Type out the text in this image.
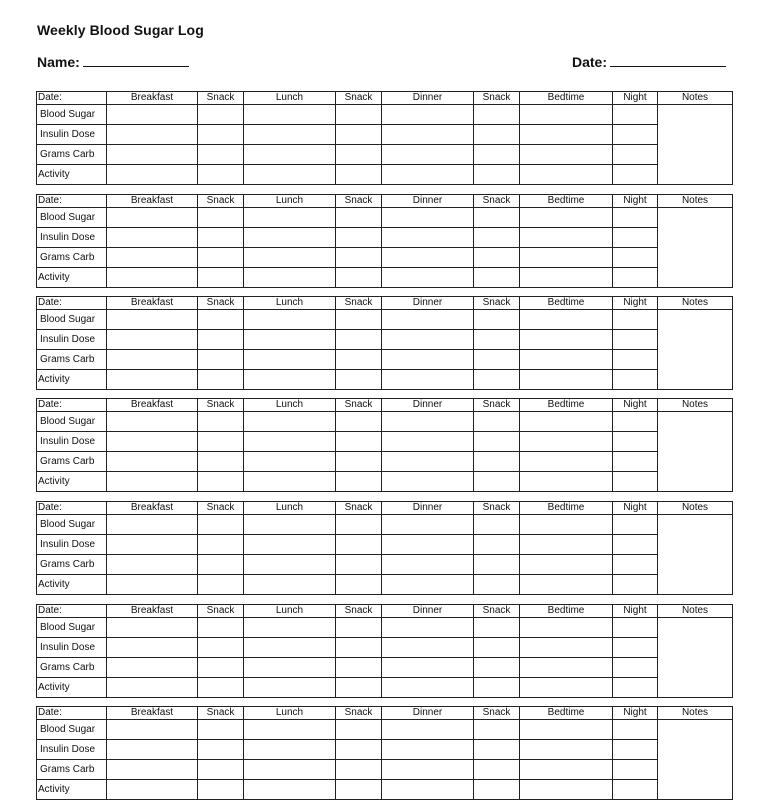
Weekly Blood Sugar Log
Name:	Date:
Date:	Breakfast	Snack	Lunch	Snack	Dinner	Snack	Bedtime	Night	Notes
Blood Sugar									
Insulin Dose									
Grams Carb									
Activity									
Date:	Breakfast	Snack	Lunch	Snack	Dinner	Snack	Bedtime	Night	Notes
Blood Sugar									
Insulin Dose									
Grams Carb									
Activity									
Date:	Breakfast	Snack	Lunch	Snack	Dinner	Snack	Bedtime	Night	Notes
Blood Sugar									
Insulin Dose									
Grams Carb									
Activity									
Date:	Breakfast	Snack	Lunch	Snack	Dinner	Snack	Bedtime	Night	Notes
Blood Sugar									
Insulin Dose									
Grams Carb									
Activity									
Date:	Breakfast	Snack	Lunch	Snack	Dinner	Snack	Bedtime	Night	Notes
Blood Sugar									
Insulin Dose									
Grams Carb									
Activity									
Date:	Breakfast	Snack	Lunch	Snack	Dinner	Snack	Bedtime	Night	Notes
Blood Sugar									
Insulin Dose									
Grams Carb									
Activity									
Date:	Breakfast	Snack	Lunch	Snack	Dinner	Snack	Bedtime	Night	Notes
Blood Sugar									
Insulin Dose									
Grams Carb									
Activity									
